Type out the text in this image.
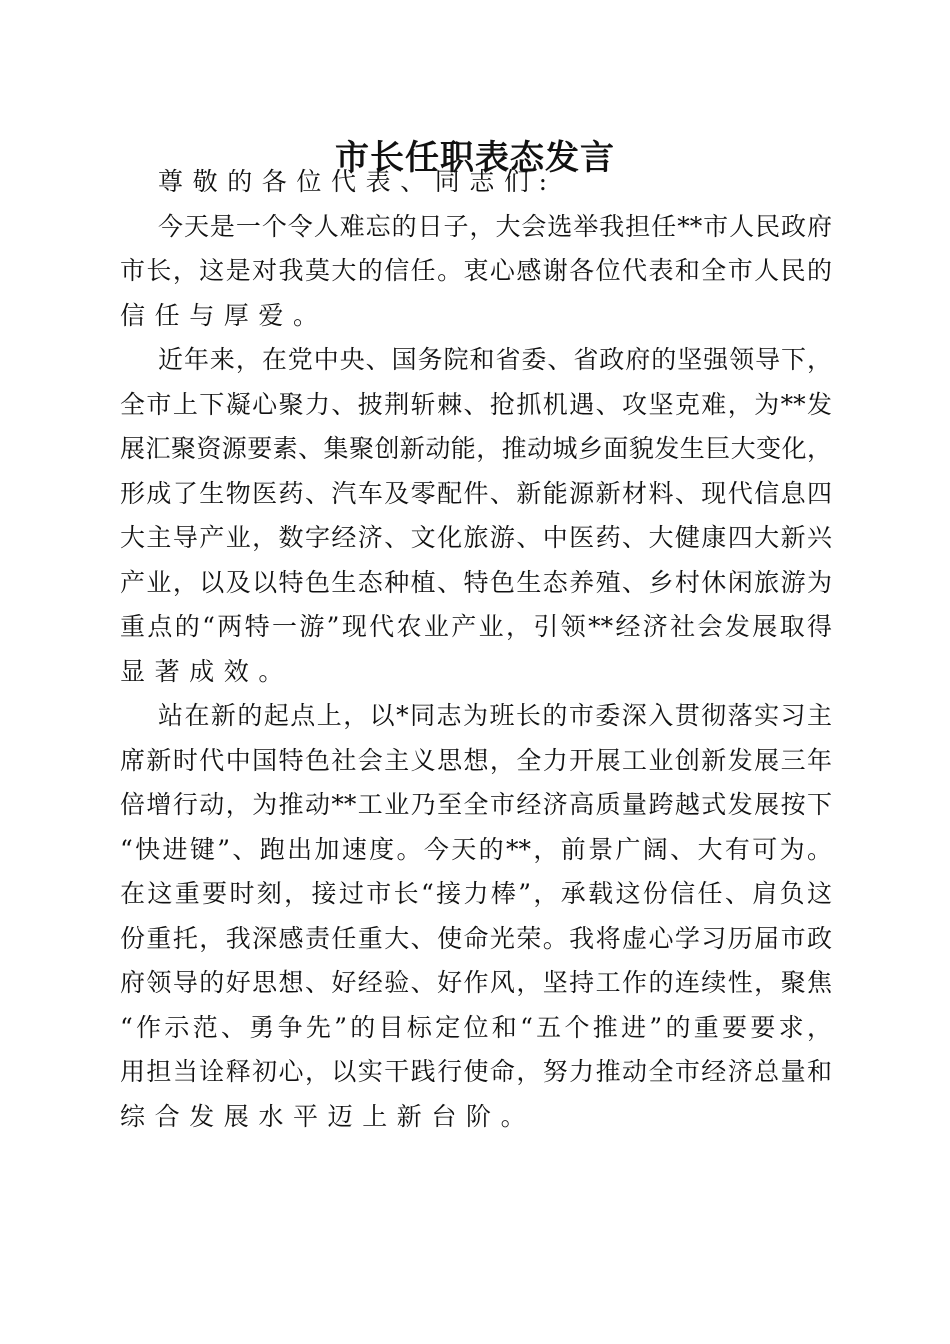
市长任职表态发言
尊敬的各位代表、同志们:
今天是一个令人难忘的日子，大会选举我担任**市人民政府
市长，这是对我莫大的信任。衷心感谢各位代表和全市人民的
信任与厚爱。
近年来，在党中央、国务院和省委、省政府的坚强领导下，
全市上下凝心聚力、披荆斩棘、抢抓机遇、攻坚克难，为**发
展汇聚资源要素、集聚创新动能，推动城乡面貌发生巨大变化，
形成了生物医药、汽车及零配件、新能源新材料、现代信息四
大主导产业，数字经济、文化旅游、中医药、大健康四大新兴
产业，以及以特色生态种植、特色生态养殖、乡村休闲旅游为
重点的“两特一游”现代农业产业，引领**经济社会发展取得
显著成效。
站在新的起点上，以*同志为班长的市委深入贯彻落实习主
席新时代中国特色社会主义思想，全力开展工业创新发展三年
倍增行动，为推动**工业乃至全市经济高质量跨越式发展按下
“快进键”、跑出加速度。今天的**，前景广阔、大有可为。
在这重要时刻，接过市长“接力棒”，承载这份信任、肩负这
份重托，我深感责任重大、使命光荣。我将虚心学习历届市政
府领导的好思想、好经验、好作风，坚持工作的连续性，聚焦
“作示范、勇争先”的目标定位和“五个推进”的重要要求，
用担当诠释初心，以实干践行使命，努力推动全市经济总量和
综合发展水平迈上新台阶。
